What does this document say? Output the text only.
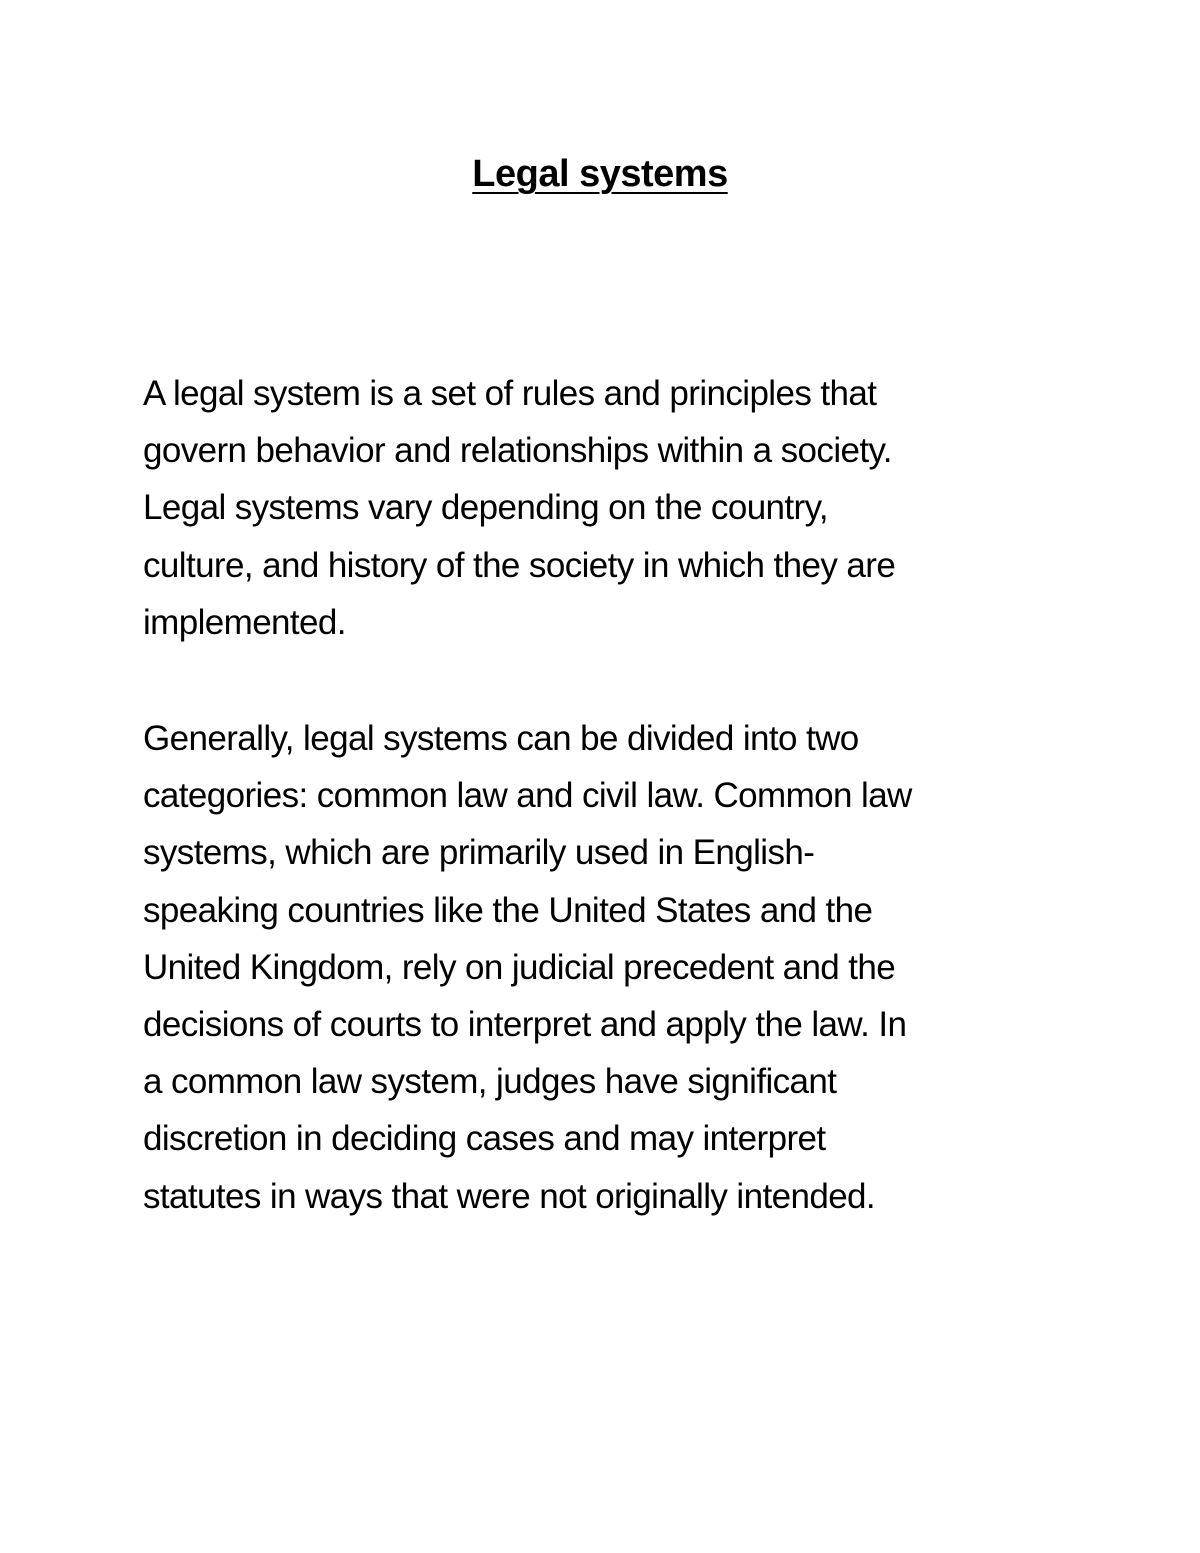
Legal systems

A legal system is a set of rules and principles that
govern behavior and relationships within a society.
Legal systems vary depending on the country,
culture, and history of the society in which they are
implemented.

Generally, legal systems can be divided into two
categories: common law and civil law. Common law
systems, which are primarily used in English-
speaking countries like the United States and the
United Kingdom, rely on judicial precedent and the
decisions of courts to interpret and apply the law. In
a common law system, judges have significant
discretion in deciding cases and may interpret
statutes in ways that were not originally intended.
